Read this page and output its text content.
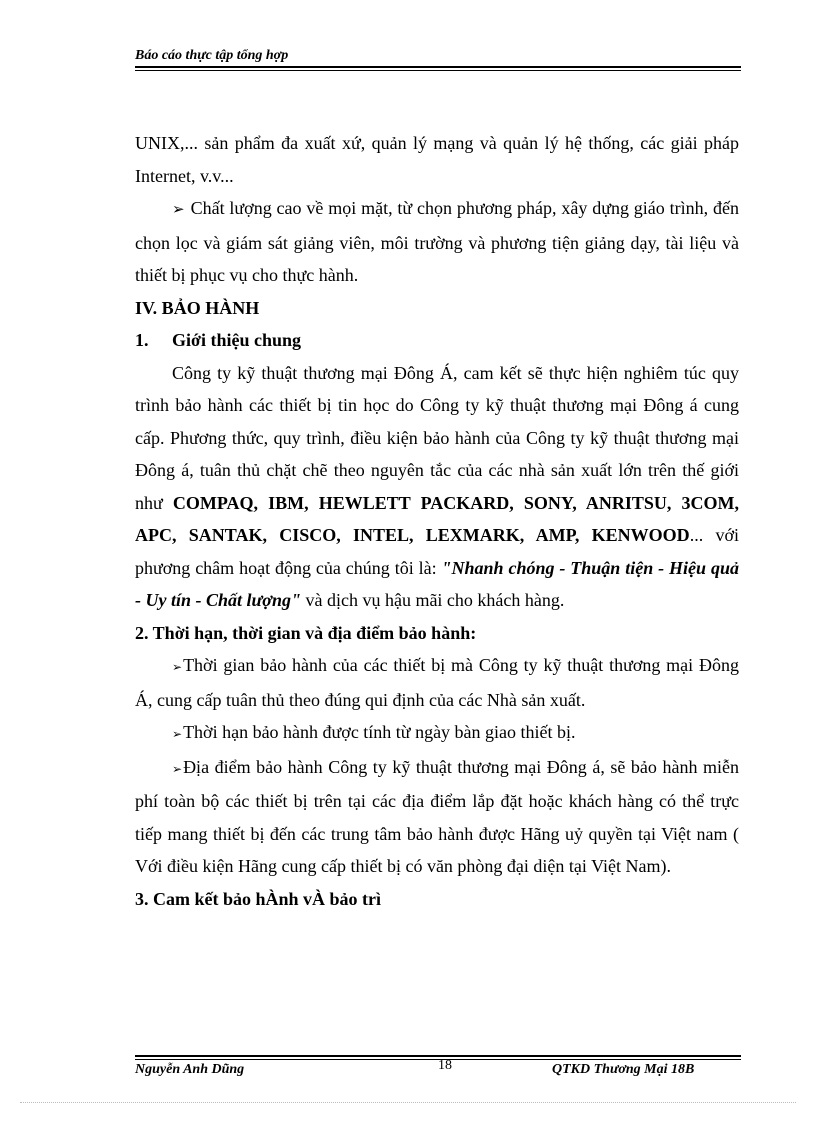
Báo cáo thực tập tổng hợp

UNIX,... sản phẩm đa xuất xứ, quản lý mạng và quản lý hệ thống, các giải pháp Internet, v.v...

➢ Chất lượng cao về mọi mặt, từ chọn phương pháp, xây dựng giáo trình, đến chọn lọc và giám sát giảng viên, môi trường và phương tiện giảng dạy, tài liệu và thiết bị phục vụ cho thực hành.

IV. BẢO HÀNH

1. Giới thiệu chung

Công ty kỹ thuật thương mại Đông Á, cam kết sẽ thực hiện nghiêm túc quy trình bảo hành các thiết bị tin học do Công ty kỹ thuật thương mại Đông á cung cấp. Phương thức, quy trình, điều kiện bảo hành của Công ty kỹ thuật thương mại Đông á, tuân thủ chặt chẽ theo nguyên tắc của các nhà sản xuất lớn trên thế giới như COMPAQ, IBM, HEWLETT PACKARD, SONY, ANRITSU, 3COM, APC, SANTAK, CISCO, INTEL, LEXMARK, AMP, KENWOOD... với phương châm hoạt động của chúng tôi là: "Nhanh chóng - Thuận tiện - Hiệu quả - Uy tín - Chất lượng" và dịch vụ hậu mãi cho khách hàng.

2. Thời hạn, thời gian và địa điểm bảo hành:

➢Thời gian bảo hành của các thiết bị mà Công ty kỹ thuật thương mại Đông Á, cung cấp tuân thủ theo đúng qui định của các Nhà sản xuất.

➢Thời hạn bảo hành được tính từ ngày bàn giao thiết bị.

➢Địa điểm bảo hành Công ty kỹ thuật thương mại Đông á, sẽ bảo hành miễn phí toàn bộ các thiết bị trên tại các địa điểm lắp đặt hoặc khách hàng có thể trực tiếp mang thiết bị đến các trung tâm bảo hành được Hãng uỷ quyền tại Việt nam ( Với điều kiện Hãng cung cấp thiết bị có văn phòng đại diện tại Việt Nam).

3. Cam kết bảo hÀnh vÀ bảo trì

Nguyễn Anh Dũng	18	QTKD Thương Mại 18B
